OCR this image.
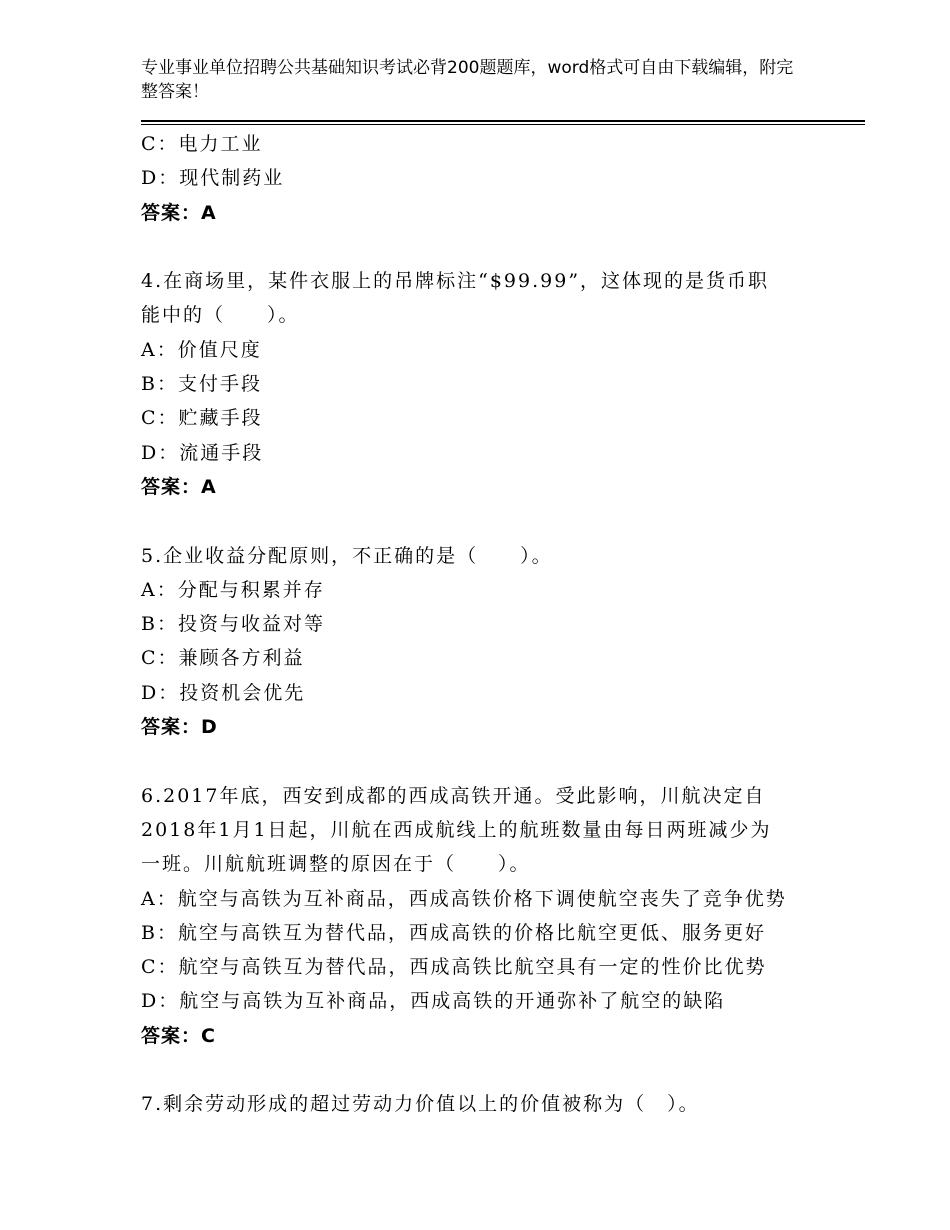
专业事业单位招聘公共基础知识考试必背200题题库，word格式可自由下载编辑，附完整答案！
C：电力工业
D：现代制药业
答案：A
4.在商场里，某件衣服上的吊牌标注“$99.99”，这体现的是货币职
能中的（　　）。
A：价值尺度
B：支付手段
C：贮藏手段
D：流通手段
答案：A
5.企业收益分配原则，不正确的是（　　）。
A：分配与积累并存
B：投资与收益对等
C：兼顾各方利益
D：投资机会优先
答案：D
6.2017年底，西安到成都的西成高铁开通。受此影响，川航决定自
2018年1月1日起，川航在西成航线上的航班数量由每日两班减少为
一班。川航航班调整的原因在于（　　）。
A：航空与高铁为互补商品，西成高铁价格下调使航空丧失了竞争优势
B：航空与高铁互为替代品，西成高铁的价格比航空更低、服务更好
C：航空与高铁互为替代品，西成高铁比航空具有一定的性价比优势
D：航空与高铁为互补商品，西成高铁的开通弥补了航空的缺陷
答案：C
7.剩余劳动形成的超过劳动力价值以上的价值被称为（　）。
